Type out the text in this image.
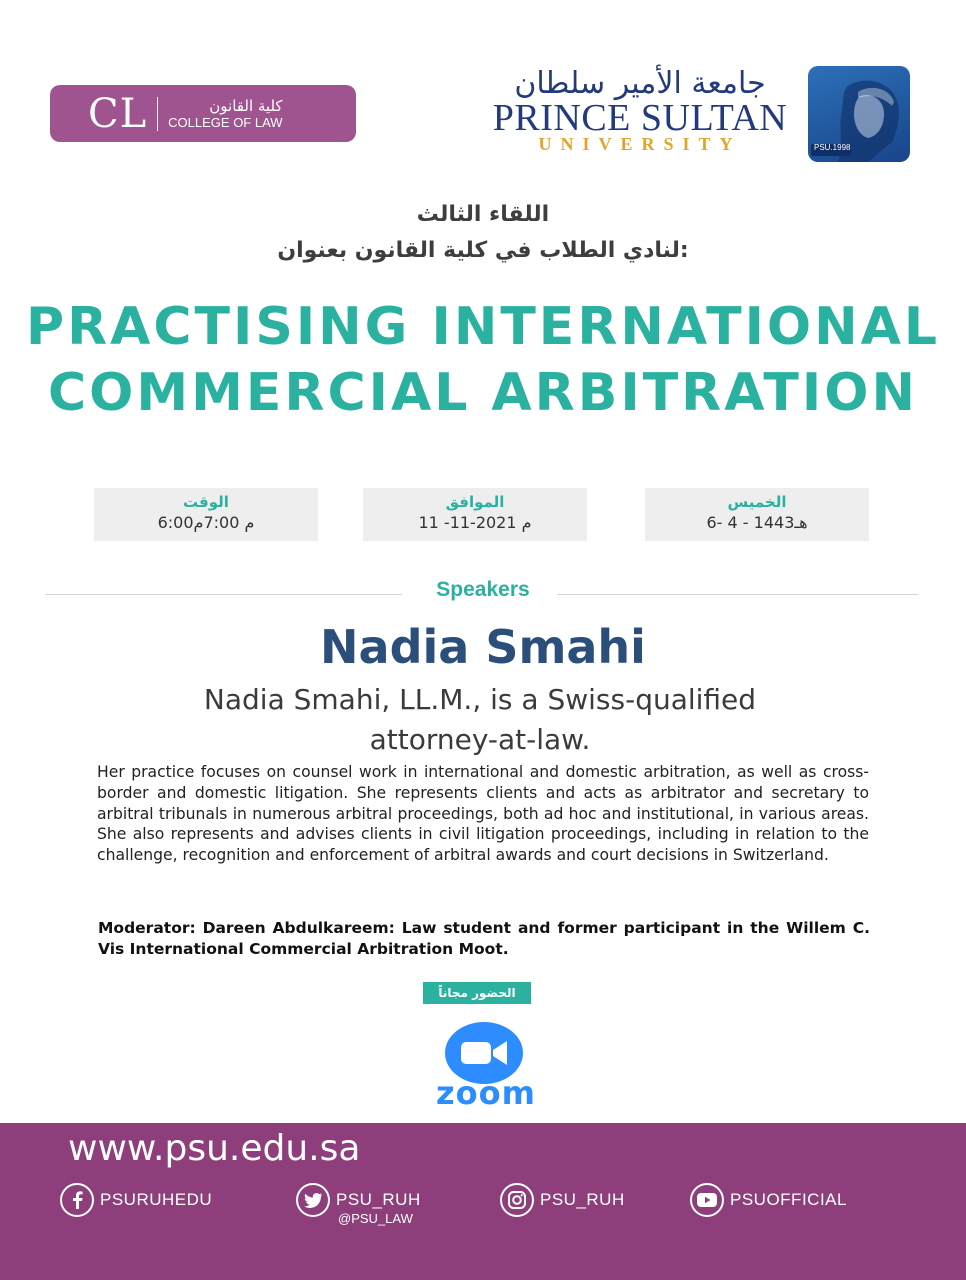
CL	كلية القانون
COLLEGE OF LAW
جامعة الأمير سلطان
PRINCE SULTAN
UNIVERSITY	PSU.1998
اللقاء الثالث
لنادي الطلاب في كلية القانون بعنوان:
PRACTISING INTERNATIONAL
COMMERCIAL ARBITRATION
الوقت
6:00م 7:00م
الموافق
11 -11-2021 م
الخميس
6- 4 - 1443هـ
Speakers
Nadia Smahi
Nadia Smahi, LL.M., is a Swiss-qualified attorney-at-law.
Her practice focuses on counsel work in international and domestic arbitration, as well as cross-border and domestic litigation. She represents clients and acts as arbitrator and secretary to arbitral tribunals in numerous arbitral proceedings, both ad hoc and institutional, in various areas. She also represents and advises clients in civil litigation proceedings, including in relation to the challenge, recognition and enforcement of arbitral awards and court decisions in Switzerland.
Moderator: Dareen Abdulkareem: Law student and former participant in the Willem C. Vis International Commercial Arbitration Moot.
الحضور مجاناً
zoom
www.psu.edu.sa
PSURUHEDU	PSU_RUH
@PSU_LAW
PSU_RUH	PSUOFFICIAL
